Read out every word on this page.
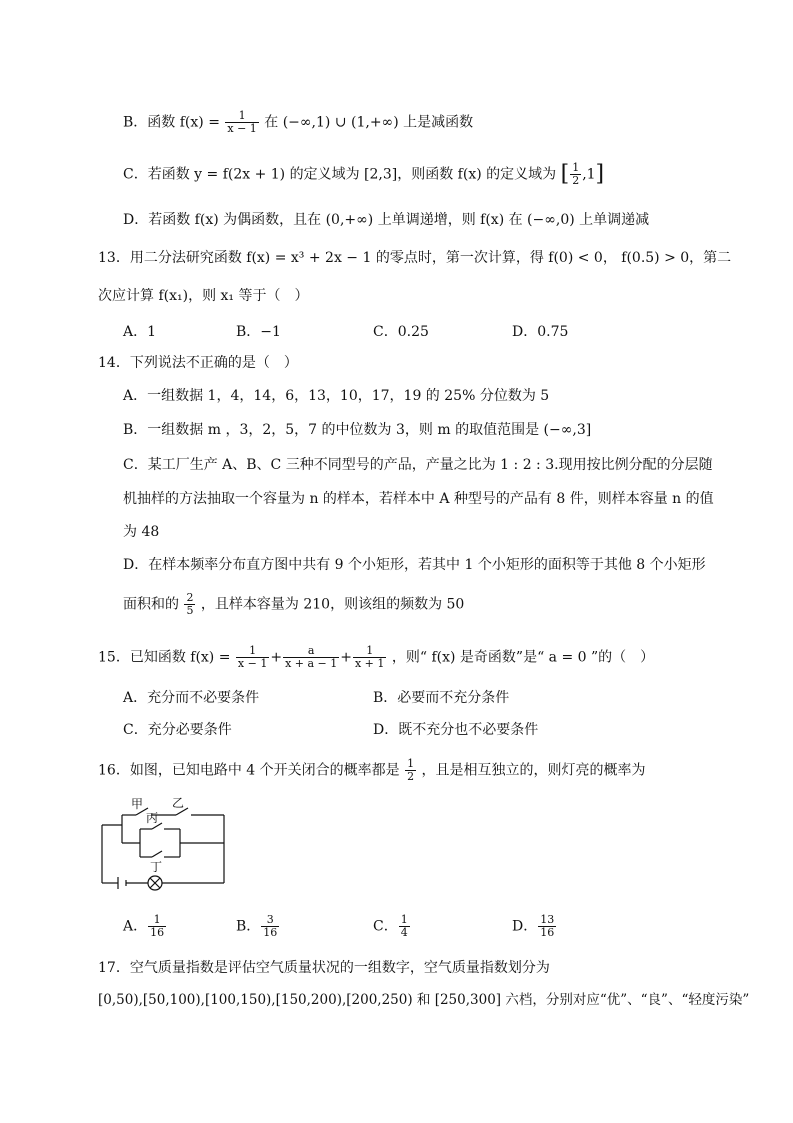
B．函数 $f(x) = \frac{1}{x - 1}$ 在 (−∞,1) ∪ (1,+∞) 上是减函数
C．若函数 y = f(2x + 1) 的定义域为 [2,3]，则函数 f(x) 的定义域为 [ $\frac{1}{2} ,1$]
D．若函数 f(x) 为偶函数，且在 (0,+∞) 上单调递增，则 f(x) 在 (−∞,0) 上单调递减
13．用二分法研究函数 f(x) = x³ + 2x − 1 的零点时，第一次计算，得 f(0) < 0， f(0.5) > 0，第二
次应计算 f(x₁)，则 x₁ 等于（　）
A．1	B．−1	C．0.25	D．0.75
14．下列说法不正确的是（　）
A．一组数据 1，4，14，6，13，10，17，19 的 25% 分位数为 5
B．一组数据 m ，3，2，5，7 的中位数为 3，则 m 的取值范围是 (−∞,3]
C．某工厂生产 A、B、C 三种不同型号的产品，产量之比为 1 : 2 : 3.现用按比例分配的分层随
机抽样的方法抽取一个容量为 n 的样本，若样本中 A 种型号的产品有 8 件，则样本容量 n 的值
为 48
D．在样本频率分布直方图中共有 9 个小矩形，若其中 1 个小矩形的面积等于其他 8 个小矩形
面积和的 $\frac{2}{5}$ ，且样本容量为 210，则该组的频数为 50
15．已知函数 $f(x) = \frac{1}{x - 1} + \frac{a}{x + a - 1} + \frac{1}{x + 1}$ ，则“ f(x) 是奇函数”是“ a = 0 ”的（　）
A．充分而不必要条件	B．必要而不充分条件
C．充分必要条件	D．既不充分也不必要条件
16．如图，已知电路中 4 个开关闭合的概率都是 $\frac{1}{2}$ ，且是相互独立的，则灯亮的概率为
甲 乙
丙
丁
A． $\frac{1}{16}$	B． $\frac{3}{16}$	C． $\frac{1}{4}$	D． $\frac{13}{16}$
17．空气质量指数是评估空气质量状况的一组数字，空气质量指数划分为
[0,50),[50,100),[100,150),[150,200),[200,250) 和 [250,300] 六档，分别对应“优”、“良”、“轻度污染”
